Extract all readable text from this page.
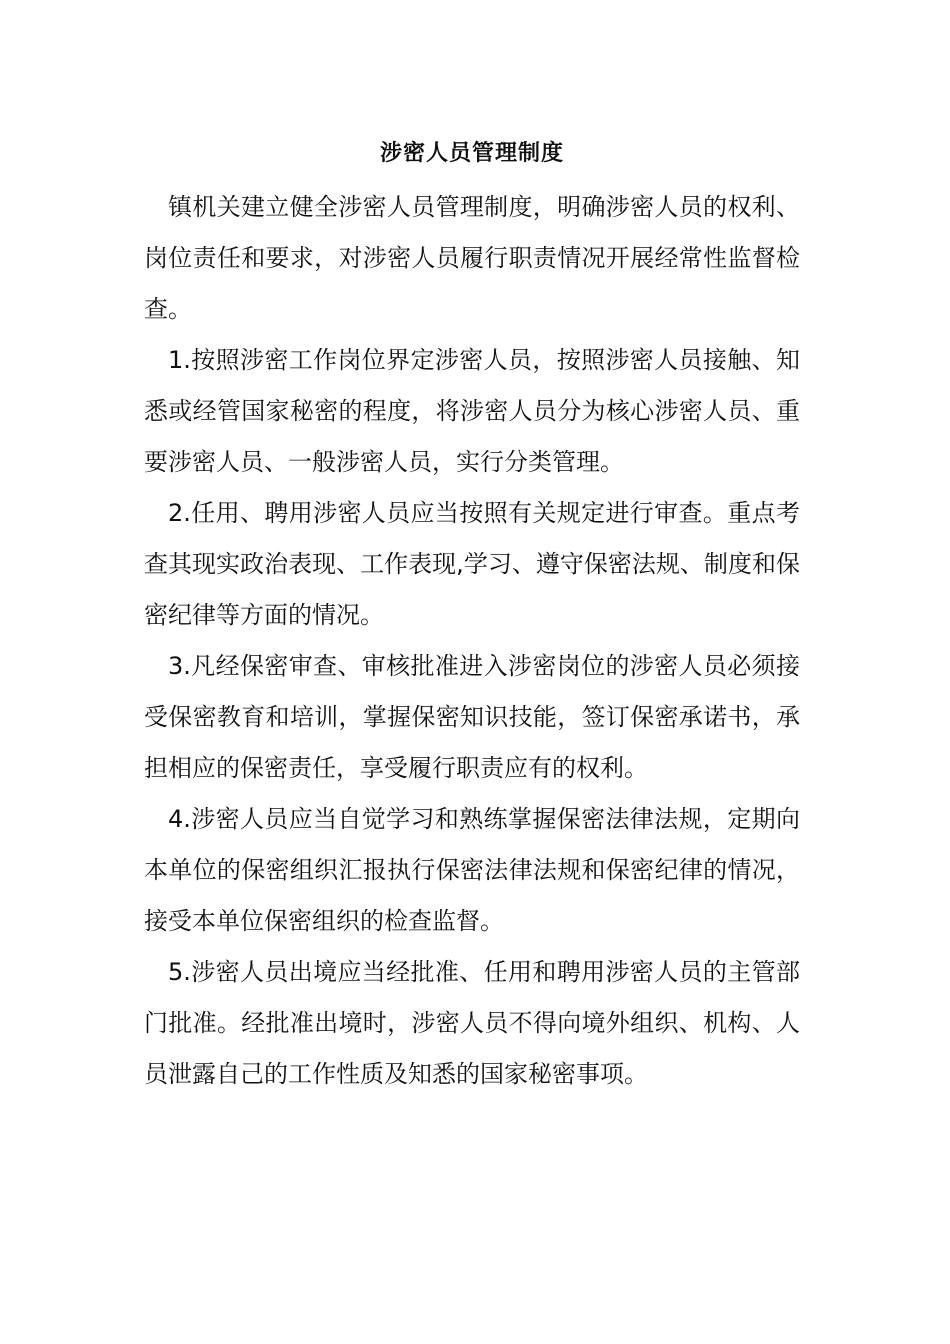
涉密人员管理制度

镇机关建立健全涉密人员管理制度，明确涉密人员的权利、岗位责任和要求，对涉密人员履行职责情况开展经常性监督检查。

1.按照涉密工作岗位界定涉密人员，按照涉密人员接触、知悉或经管国家秘密的程度，将涉密人员分为核心涉密人员、重要涉密人员、一般涉密人员，实行分类管理。

2.任用、聘用涉密人员应当按照有关规定进行审查。重点考查其现实政治表现、工作表现,学习、遵守保密法规、制度和保密纪律等方面的情况。

3.凡经保密审查、审核批准进入涉密岗位的涉密人员必须接受保密教育和培训，掌握保密知识技能，签订保密承诺书，承担相应的保密责任，享受履行职责应有的权利。

4.涉密人员应当自觉学习和熟练掌握保密法律法规，定期向本单位的保密组织汇报执行保密法律法规和保密纪律的情况，接受本单位保密组织的检查监督。

5.涉密人员出境应当经批准、任用和聘用涉密人员的主管部门批准。经批准出境时，涉密人员不得向境外组织、机构、人员泄露自己的工作性质及知悉的国家秘密事项。
